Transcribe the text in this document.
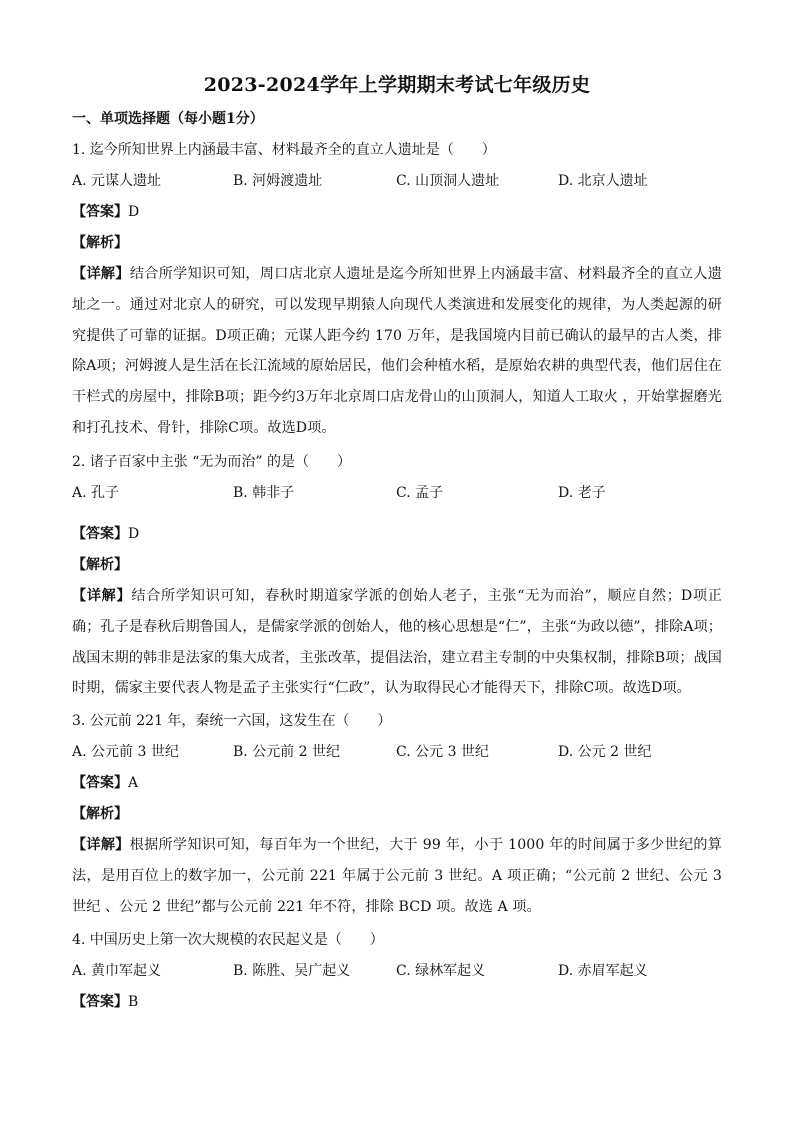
2023-2024学年上学期期末考试七年级历史
一、单项选择题（每小题1分）
1. 迄今所知世界上内涵最丰富、材料最齐全的直立人遗址是（　　）
A. 元谋人遗址	B. 河姆渡遗址	C. 山顶洞人遗址	D. 北京人遗址
【答案】D
【解析】
【详解】结合所学知识可知，周口店北京人遗址是迄今所知世界上内涵最丰富、材料最齐全的直立人遗址之一。通过对北京人的研究，可以发现早期猿人向现代人类演进和发展变化的规律，为人类起源的研究提供了可靠的证据。D项正确；元谋人距今约 170 万年，是我国境内目前已确认的最早的古人类，排除A项；河姆渡人是生活在长江流域的原始居民，他们会种植水稻，是原始农耕的典型代表，他们居住在干栏式的房屋中，排除B项；距今约3万年北京周口店龙骨山的山顶洞人，知道人工取火 ，开始掌握磨光和打孔技术、骨针，排除C项。故选D项。
2. 诸子百家中主张 “无为而治” 的是（　　）
A. 孔子	B. 韩非子	C. 孟子	D. 老子
【答案】D
【解析】
【详解】结合所学知识可知，春秋时期道家学派的创始人老子，主张“无为而治”，顺应自然；D项正确；孔子是春秋后期鲁国人，是儒家学派的创始人，他的核心思想是“仁”，主张“为政以德”，排除A项；战国末期的韩非是法家的集大成者，主张改革，提倡法治，建立君主专制的中央集权制，排除B项；战国时期，儒家主要代表人物是孟子主张实行“仁政”，认为取得民心才能得天下，排除C项。故选D项。
3. 公元前 221 年，秦统一六国，这发生在（　　）
A. 公元前 3 世纪	B. 公元前 2 世纪	C. 公元 3 世纪	D. 公元 2 世纪
【答案】A
【解析】
【详解】根据所学知识可知，每百年为一个世纪，大于 99 年，小于 1000 年的时间属于多少世纪的算法，是用百位上的数字加一，公元前 221 年属于公元前 3 世纪。A 项正确；“公元前 2 世纪、公元 3 世纪 、公元 2 世纪”都与公元前 221 年不符，排除 BCD 项。故选 A 项。
4. 中国历史上第一次大规模的农民起义是（　　）
A. 黄巾军起义	B. 陈胜、吴广起义	C. 绿林军起义	D. 赤眉军起义
【答案】B
